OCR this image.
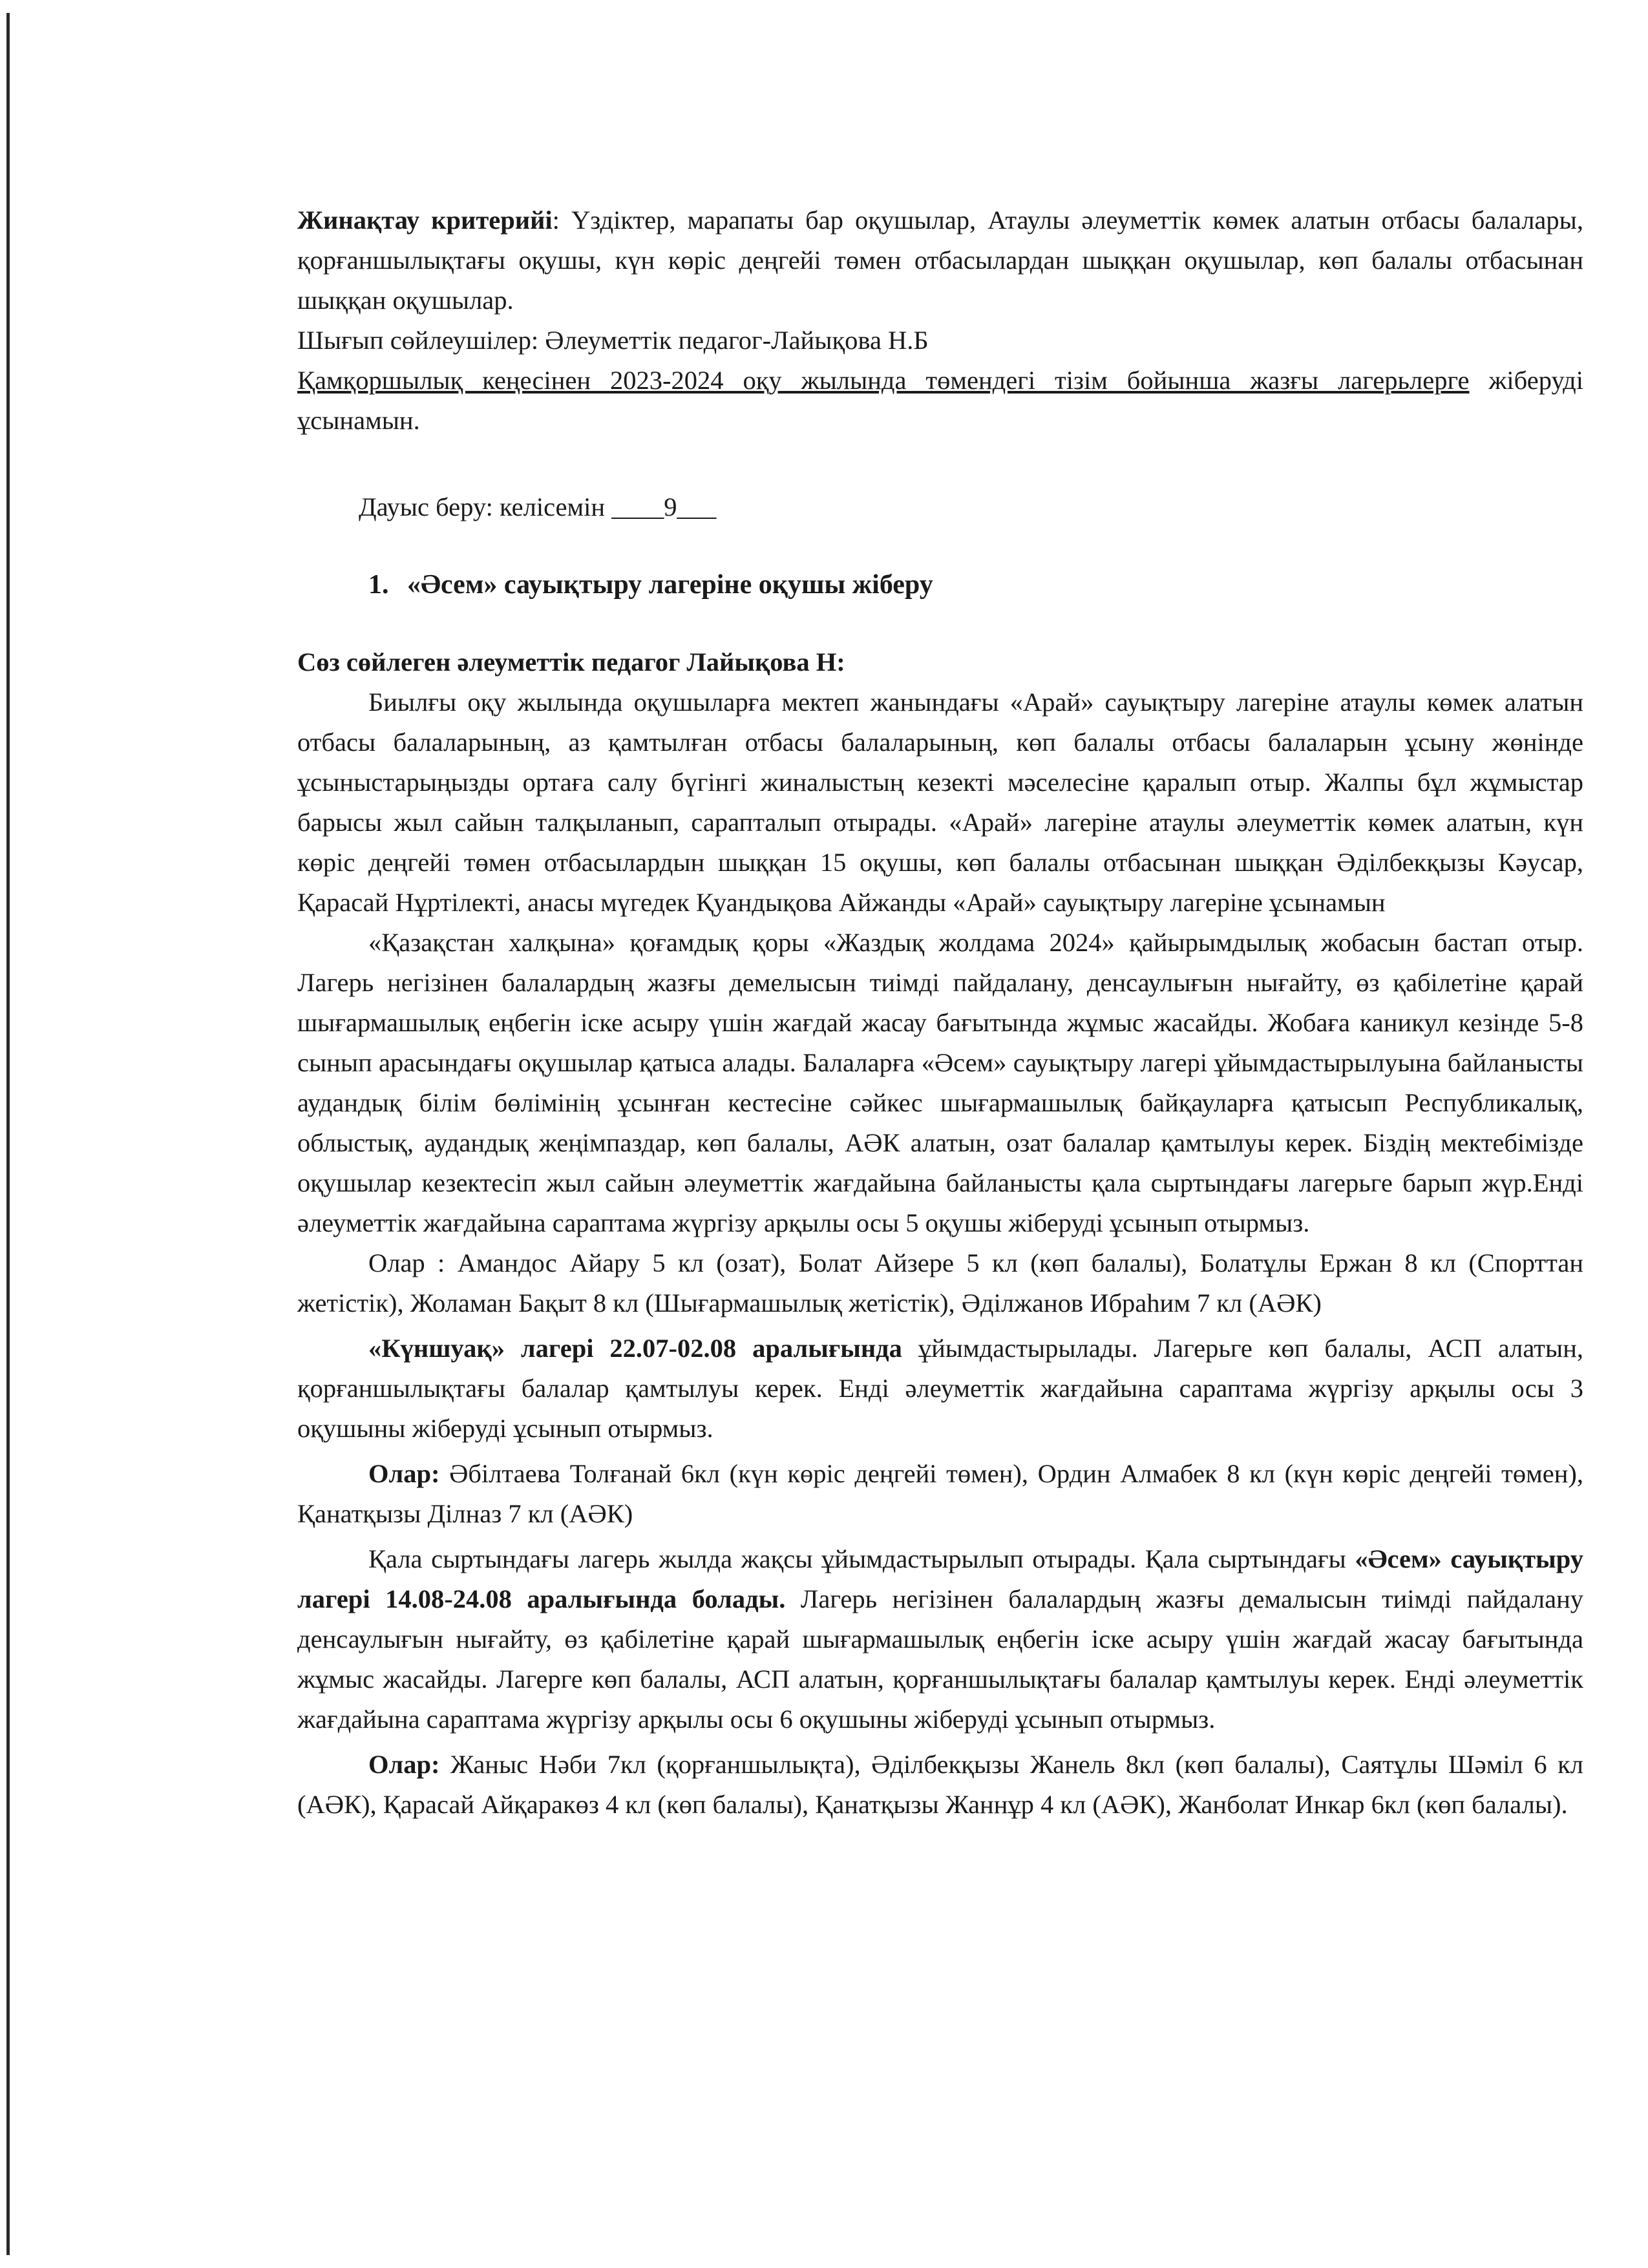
Жинақтау критерийі: Үздіктер, марапаты бар оқушылар, Атаулы әлеуметтік көмек алатын отбасы балалары, қорғаншылықтағы оқушы, күн көріс деңгейі төмен отбасылардан шыққан оқушылар, көп балалы отбасынан шыққан оқушылар.

Шығып сөйлеушілер: Әлеуметтік педагог-Лайықова Н.Б

Қамқоршылық кеңесінен 2023-2024 оқу жылында төмендегі тізім бойынша жазғы лагерьлерге жіберуді ұсынамын.

Дауыс беру: келісемін ____9___

1. «Әсем» сауықтыру лагеріне оқушы жіберу

Сөз сөйлеген әлеуметтік педагог Лайықова Н:

Биылғы оқу жылында оқушыларға мектеп жанындағы «Арай» сауықтыру лагеріне атаулы көмек алатын отбасы балаларының, аз қамтылған отбасы балаларының, көп балалы отбасы балаларын ұсыну жөнінде ұсыныстарыңызды ортаға салу бүгінгі жиналыстың кезекті мәселесіне қаралып отыр. Жалпы бұл жұмыстар барысы жыл сайын талқыланып, сарапталып отырады. «Арай» лагеріне атаулы әлеуметтік көмек алатын, күн көріс деңгейі төмен отбасылардын шыққан 15 оқушы, көп балалы отбасынан шыққан Әділбекқызы Кәусар, Қарасай Нұртілекті, анасы мүгедек Қуандықова Айжанды «Арай» сауықтыру лагеріне ұсынамын

«Қазақстан халқына» қоғамдық қоры «Жаздық жолдама 2024» қайырымдылық жобасын бастап отыр. Лагерь негізінен балалардың жазғы демелысын тиімді пайдалану, денсаулығын нығайту, өз қабілетіне қарай шығармашылық еңбегін іске асыру үшін жағдай жасау бағытында жұмыс жасайды. Жобаға каникул кезінде 5-8 сынып арасындағы оқушылар қатыса алады. Балаларға «Әсем» сауықтыру лагері ұйымдастырылуына байланысты аудандық білім бөлімінің ұсынған кестесіне сәйкес шығармашылық байқауларға қатысып Республикалық, облыстық, аудандық жеңімпаздар, көп балалы, АӘК алатын, озат балалар қамтылуы керек. Біздің мектебімізде оқушылар кезектесіп жыл сайын әлеуметтік жағдайына байланысты қала сыртындағы лагерьге барып жүр.Енді әлеуметтік жағдайына сараптама жүргізу арқылы осы 5 оқушы жіберуді ұсынып отырмыз.

Олар : Амандос Айару 5 кл (озат), Болат Айзере 5 кл (көп балалы), Болатұлы Ержан 8 кл (Спорттан жетістік), Жоламан Бақыт 8 кл (Шығармашылық жетістік), Әділжанов Ибраһим 7 кл (АӘК)

«Күншуақ» лагері 22.07-02.08 аралығында ұйымдастырылады. Лагерьге көп балалы, АСП алатын, қорғаншылықтағы балалар қамтылуы керек. Енді әлеуметтік жағдайына сараптама жүргізу арқылы осы 3 оқушыны жіберуді ұсынып отырмыз.

Олар: Әбілтаева Толғанай 6кл (күн көріс деңгейі төмен), Ордин Алмабек 8 кл (күн көріс деңгейі төмен), Қанатқызы Ділназ 7 кл (АӘК)

Қала сыртындағы лагерь жылда жақсы ұйымдастырылып отырады. Қала сыртындағы «Әсем» сауықтыру лагері 14.08-24.08 аралығында болады. Лагерь негізінен балалардың жазғы демалысын тиімді пайдалану денсаулығын нығайту, өз қабілетіне қарай шығармашылық еңбегін іске асыру үшін жағдай жасау бағытында жұмыс жасайды. Лагерге көп балалы, АСП алатын, қорғаншылықтағы балалар қамтылуы керек. Енді әлеуметтік жағдайына сараптама жүргізу арқылы осы 6 оқушыны жіберуді ұсынып отырмыз.

Олар: Жаныс Нәби 7кл (қорғаншылықта), Әділбекқызы Жанель 8кл (көп балалы), Саятұлы Шәміл 6 кл (АӘК), Қарасай Айқаракөз 4 кл (көп балалы), Қанатқызы Жаннұр 4 кл (АӘК), Жанболат Инкар 6кл (көп балалы).
